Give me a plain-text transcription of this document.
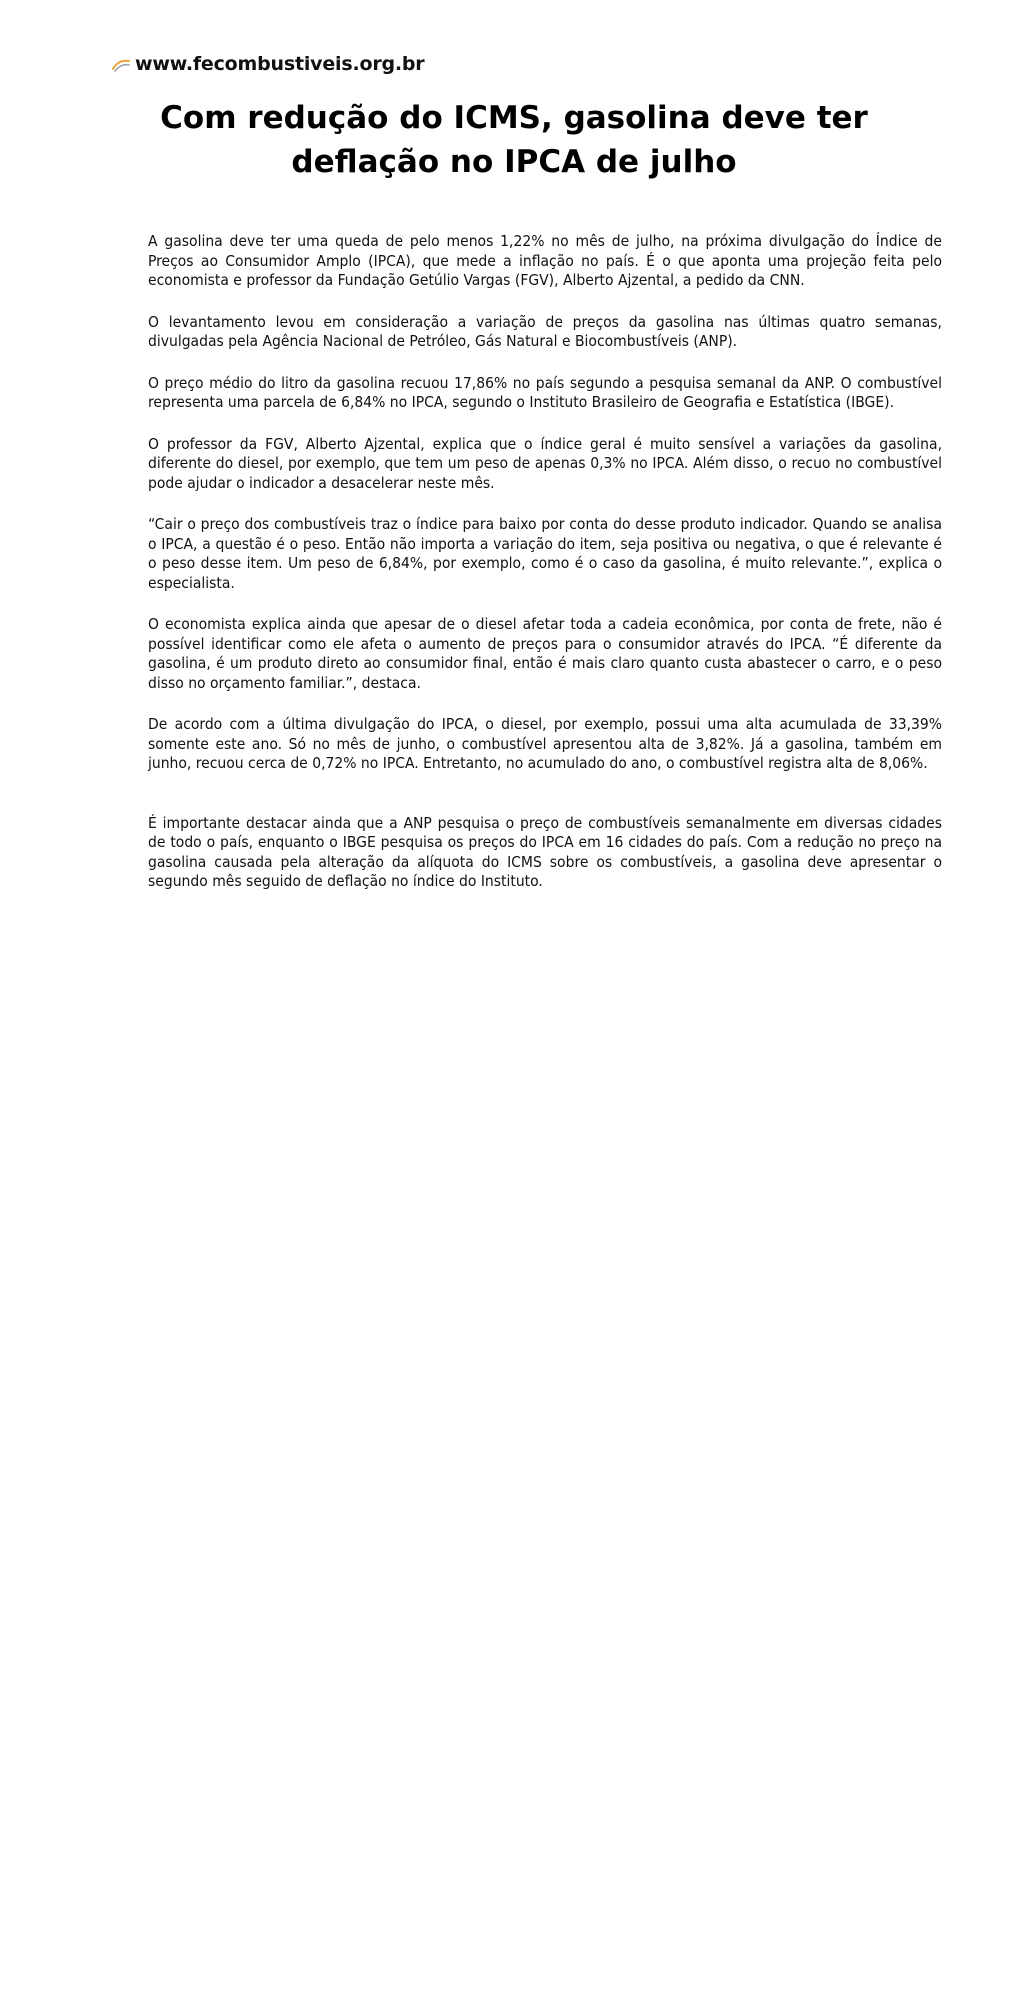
www.fecombustiveis.org.br
Com redução do ICMS, gasolina deve ter deflação no IPCA de julho

A gasolina deve ter uma queda de pelo menos 1,22% no mês de julho, na próxima divulgação do Índice de Preços ao Consumidor Amplo (IPCA), que mede a inflação no país. É o que aponta uma projeção feita pelo economista e professor da Fundação Getúlio Vargas (FGV), Alberto Ajzental, a pedido da CNN.

O levantamento levou em consideração a variação de preços da gasolina nas últimas quatro semanas, divulgadas pela Agência Nacional de Petróleo, Gás Natural e Biocombustíveis (ANP).

O preço médio do litro da gasolina recuou 17,86% no país segundo a pesquisa semanal da ANP. O combustível representa uma parcela de 6,84% no IPCA, segundo o Instituto Brasileiro de Geografia e Estatística (IBGE).

O professor da FGV, Alberto Ajzental, explica que o índice geral é muito sensível a variações da gasolina, diferente do diesel, por exemplo, que tem um peso de apenas 0,3% no IPCA. Além disso, o recuo no combustível pode ajudar o indicador a desacelerar neste mês.

“Cair o preço dos combustíveis traz o índice para baixo por conta do desse produto indicador. Quando se analisa o IPCA, a questão é o peso. Então não importa a variação do item, seja positiva ou negativa, o que é relevante é o peso desse item. Um peso de 6,84%, por exemplo, como é o caso da gasolina, é muito relevante.”, explica o especialista.

O economista explica ainda que apesar de o diesel afetar toda a cadeia econômica, por conta de frete, não é possível identificar como ele afeta o aumento de preços para o consumidor através do IPCA. “É diferente da gasolina, é um produto direto ao consumidor final, então é mais claro quanto custa abastecer o carro, e o peso disso no orçamento familiar.”, destaca.

De acordo com a última divulgação do IPCA, o diesel, por exemplo, possui uma alta acumulada de 33,39% somente este ano. Só no mês de junho, o combustível apresentou alta de 3,82%. Já a gasolina, também em junho, recuou cerca de 0,72% no IPCA. Entretanto, no acumulado do ano, o combustível registra alta de 8,06%.

É importante destacar ainda que a ANP pesquisa o preço de combustíveis semanalmente em diversas cidades de todo o país, enquanto o IBGE pesquisa os preços do IPCA em 16 cidades do país. Com a redução no preço na gasolina causada pela alteração da alíquota do ICMS sobre os combustíveis, a gasolina deve apresentar o segundo mês seguido de deflação no índice do Instituto.
